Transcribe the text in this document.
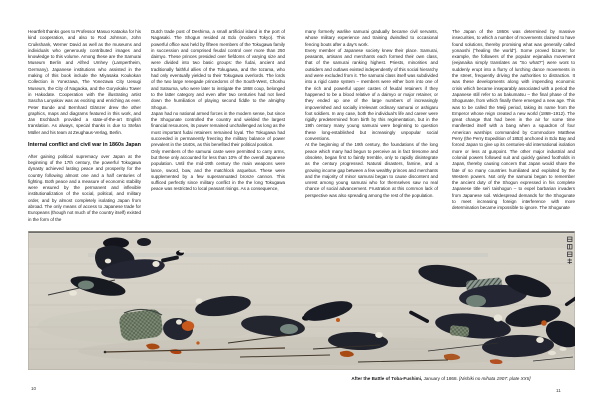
Heartfelt thanks goes to Professor Masuo Kataoka for his kind cooperation, and also to Rod Johnson, John Cruikshank, Werner David as well as the museums and individuals who generously contributed images and knowledge to this volume. Among these are the Samurai Museum Berlin and Alfred Umhey (Lampertheim, Germany). Japanese institutions who assisted in the making of this book include the Miyasaka Koukokan Collection in Yonezawa, The Yonezawa City Uesugi Museum, the City of Nagaoka, and the Goryokaku Tower in Hakodate. Cooperation with the illustrating artist Sascha Lunyakov was as exciting and enriching as ever. Peter Bunde and Bernhard Glänzer drew the other graphics, maps and diagrams featured in this work, and Jan Eschbach provided a state-of-the-art English translation. As always, special thanks is due to Stefan Müller and his team at Zeughaus-Verlag, Berlin.

Internal conflict and civil war in 1860s Japan

After gaining political supremacy over Japan at the beginning of the 17th century, the powerful Tokugawa dynasty achieved lasting peace and prosperity for the country following almost one and a half centuries of fighting. Both peace and a measure of economic stability were ensured by the permanent and inflexible institutionalization of the social, political, and military order, and by almost completely isolating Japan from abroad. The only means of access to Japanese trade for Europeans (though not much of the country itself) existed in the form of the

Dutch trade post of Deshima, a small artificial island in the port of Nagasaki. The Shogun resided at Edo (modern Tokyo). This powerful office was held by fifteen members of the Tokugawa family in succession and comprised feudal control over more than 250 daimyo. These princes presided over fiefdoms of varying size and were divided into two basic groups: the fudai, ancient and traditionally faithful allies of the Tokugawa, and the tozama, who had only eventually yielded to their Tokugawa overlords. The lords of the two large renegade princedoms of the South-West, Choshu and Satsuma, who were later to instigate the 1868 coup, belonged to the latter category and even after two centuries had not lived down the humiliation of playing second fiddle to the almighty Shogun.

Japan had no national armed forces in the modern sense, but since the Shogunate controlled the country and wielded the largest financial resources, its power remained unchallenged as long as the most important fudai retainers remained loyal. The Tokugawa had succeeded in permanently freezing the military balance of power prevalent in the 1640s, as this benefited their political position.

Only members of the samurai caste were permitted to carry arms, but these only accounted for less than 10% of the overall Japanese population. Until the mid-19th century the main weapons were lance, sword, bow, and the matchlock arquebus. These were supplemented by a few superannuated bronze cannon. This sufficed perfectly since military conflict in the the long Tokugawa peace was restricted to local peasant risings. As a consequence,

many formerly warlike samurai gradually became civil servants, whose military experience and training dwindled to occasional fencing bouts after a day's work.

Every member of Japanese society knew their place. Samurai, peasants, artisans and merchants each formed their own class, that of the samurai ranking highest. Priests, minorities and outsiders and outlaws existed independently of this social hierarchy and were excluded from it. The samurai class itself was subdivided into a rigid caste system – members were either born into one of the rich and powerful upper castes of feudal retainers if they happened to be a blood relative of a daimyo or major retainer, or they ended up one of the large numbers of increasingly impoverished and socially irrelevant ordinary samurai or ashigaru foot soldiers. In any case, both the individual's life and career were rigidly predetermined from birth by this regimentation, but in the 19th century many young samurai were beginning to question these long-established but increasingly unpopular social conventions.

At the beginning of the 19th century, the foundations of the long peace which many had begun to perceive as in fact tiresome and obsolete, began first to faintly tremble, only to rapidly disintegrate as the century progressed. Natural disasters, famine, and a growing income gap between a few wealthy princes and merchants and the majority of minor samurai began to cause discontent and unrest among young samurai who for themselves saw no real chance of social advancement. Frustration at this common lack of perspective was also spreading among the rest of the population.

The Japan of the 1860s was determined by massive insecurities, to which a number of movements claimed to have found solutions, thereby promising what was generally called yonaoshi ("healing the world"). Some proved bizarre; for example, the followers of the popular eejanaika movement (eejanaika simply translates as "So what?") were wont to suddenly erupt into a flurry of lurching dance movements in the street, frequently driving the authorities to distraction. It was these developments along with impending economic crisis which became inseparably associated with a period the Japanese still refer to as bakumatsu – the final phase of the Shogunate, from which finally there emerged a new age. This was to be called the Meiji period, taking its name from the Emperor whose reign created a new world (1868–1912). The great change that had been in the air for some time manifested itself with a bang when a squadron of four American warships commanded by Commodore Matthew Perry (the Perry Expedition of 1853) anchored in Edo Bay and forced Japan to give up its centuries-old international isolation more or less at gunpoint. The other major industrial and colonial powers followed suit and quickly gained footholds in Japan, thereby causing concern that Japan would share the fate of so many countries humiliated and exploited by the Western powers. Not only the samurai began to remember the ancient duty of the Shogun expressed in his complete Japanese title sei'i taishogun – to expel barbarian invaders from Japanese soil. Widespread demands for the Shogunate to meet increasing foreign interference with more determination became impossible to ignore. The Shogunate

After the Battle of Toba-Fushimi, January of 1868. [Nishiki no mihata 1907: plate XXII]

10	11
